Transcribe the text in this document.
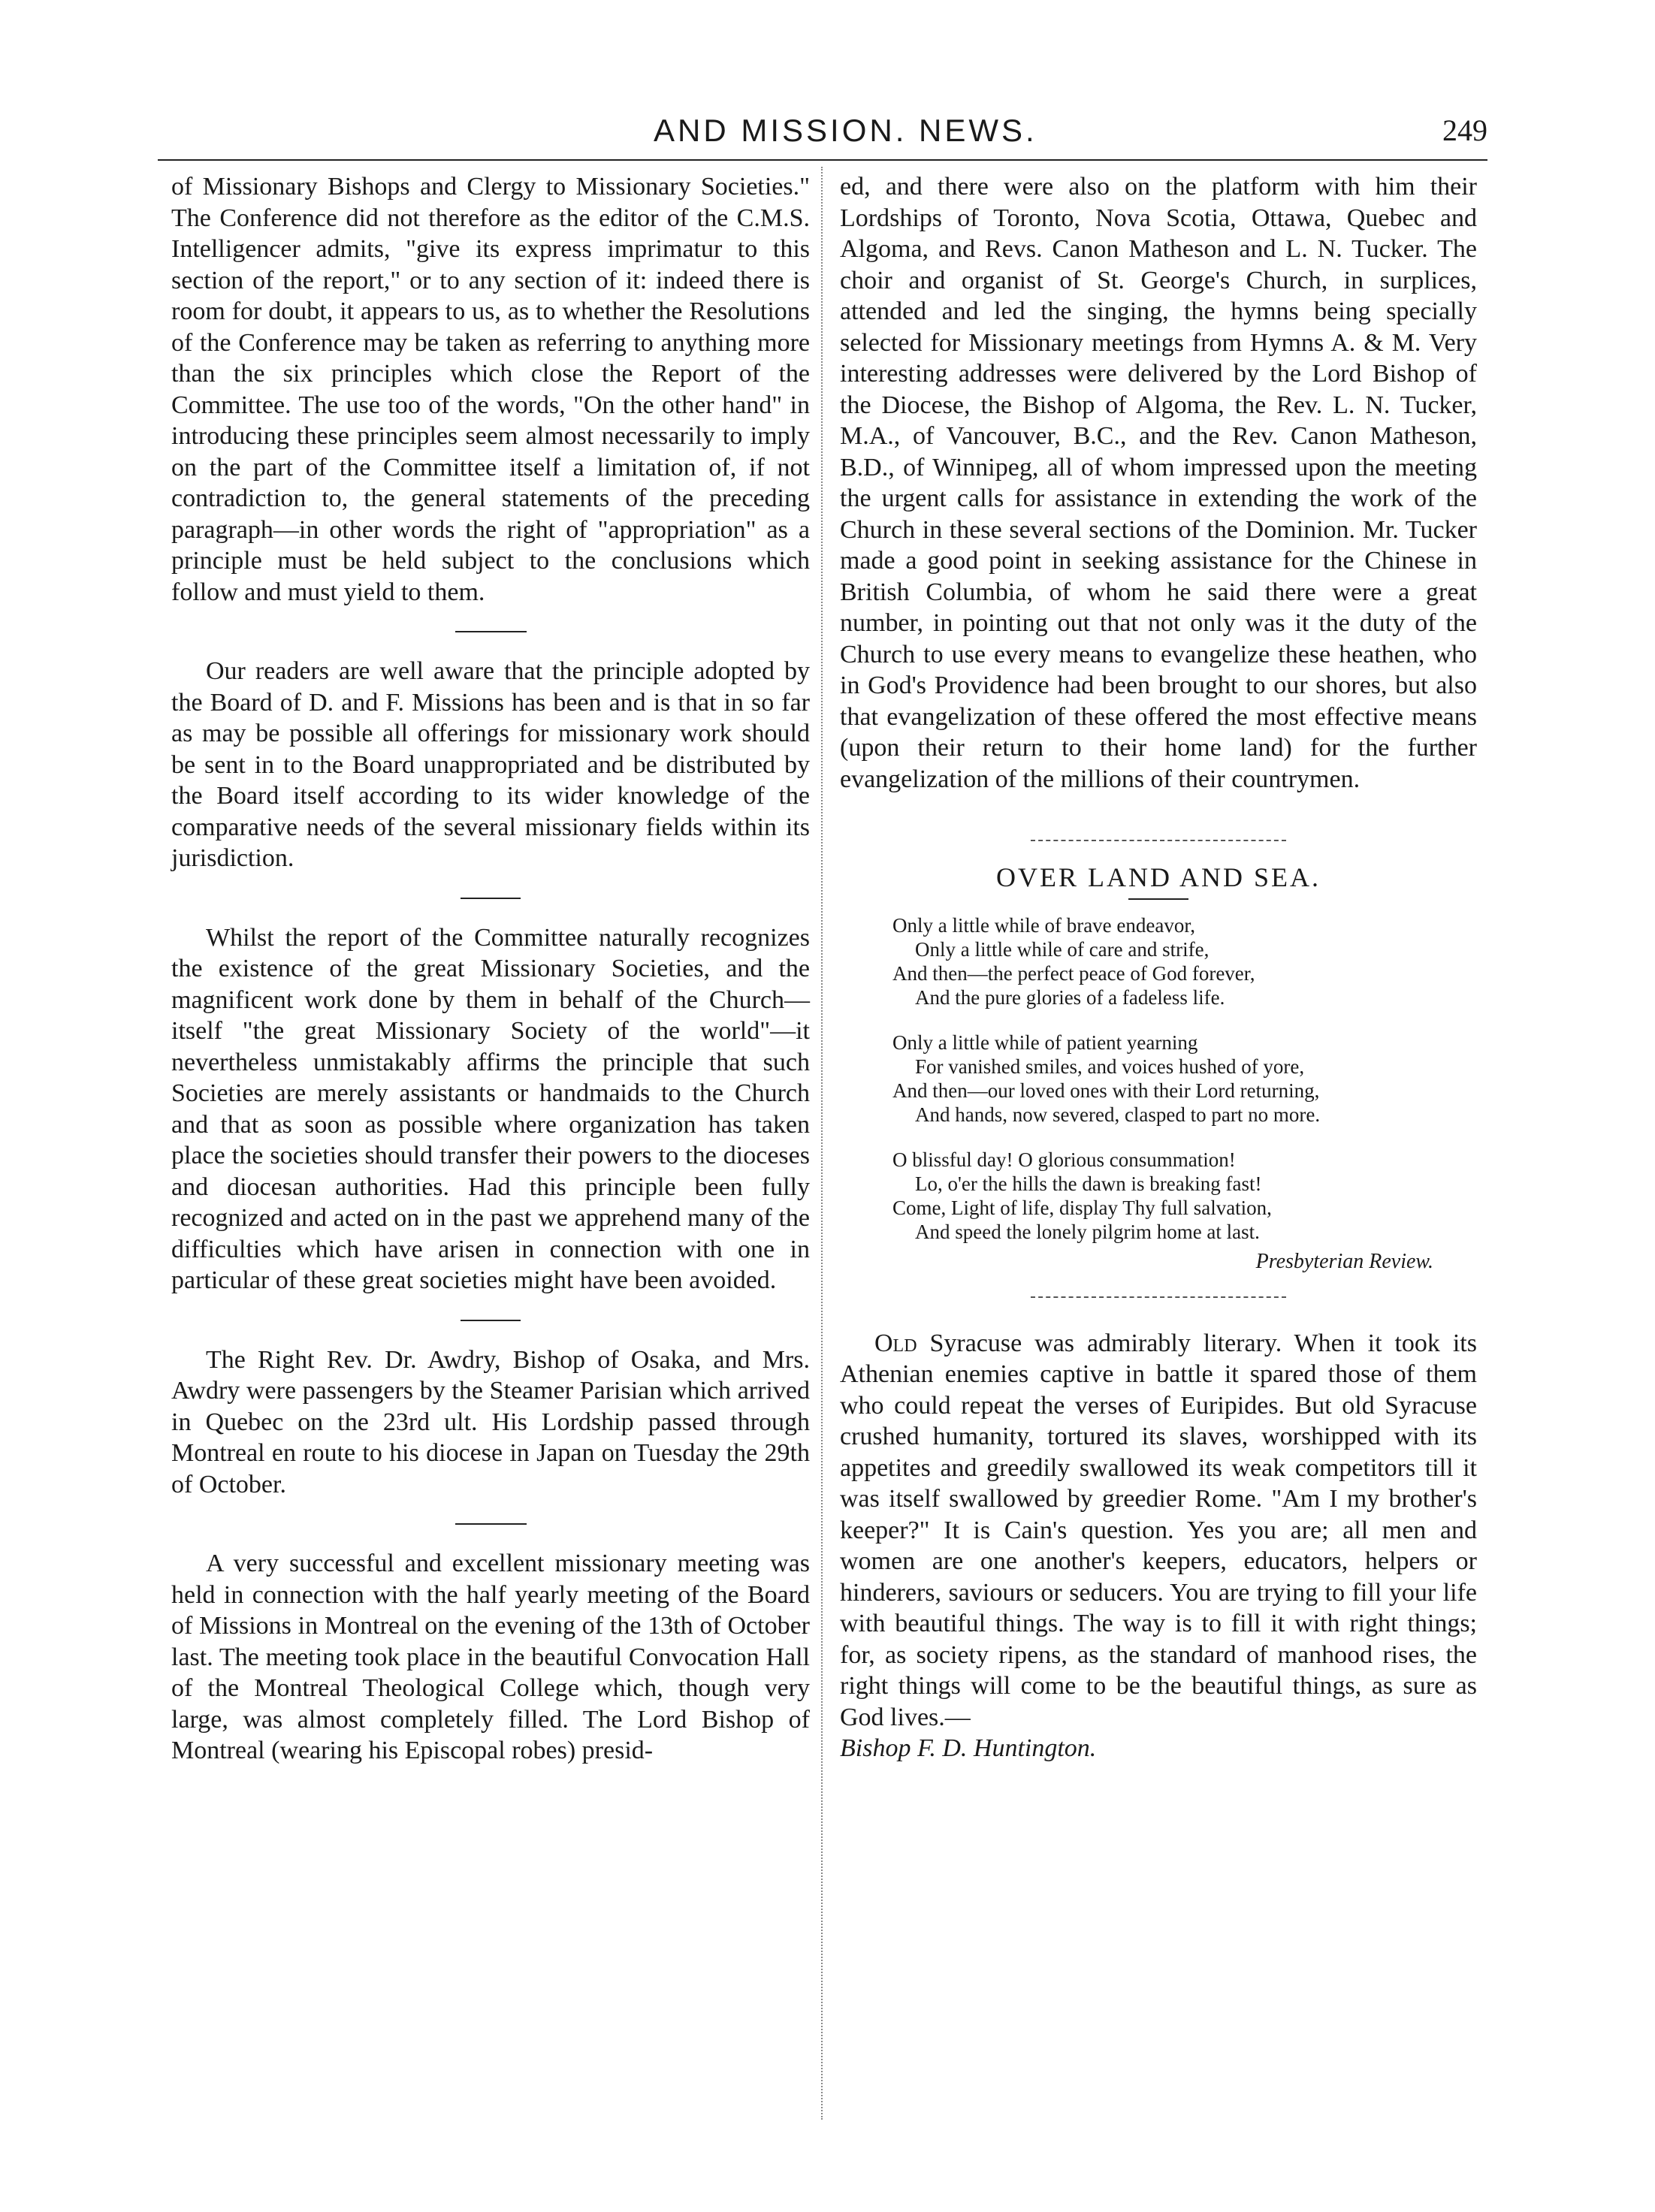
AND MISSION. NEWS.	249

of Missionary Bishops and Clergy to Missionary Societies." The Conference did not therefore as the editor of the C.M.S. Intelligencer admits, "give its express imprimatur to this section of the report," or to any section of it: indeed there is room for doubt, it appears to us, as to whether the Resolutions of the Conference may be taken as referring to anything more than the six principles which close the Report of the Committee. The use too of the words, "On the other hand" in introducing these principles seem almost necessarily to imply on the part of the Committee itself a limitation of, if not contradiction to, the general statements of the preceding paragraph—in other words the right of "appropriation" as a principle must be held subject to the conclusions which follow and must yield to them.

Our readers are well aware that the principle adopted by the Board of D. and F. Missions has been and is that in so far as may be possible all offerings for missionary work should be sent in to the Board unappropriated and be distributed by the Board itself according to its wider knowledge of the comparative needs of the several missionary fields within its jurisdiction.

Whilst the report of the Committee naturally recognizes the existence of the great Missionary Societies, and the magnificent work done by them in behalf of the Church—itself "the great Missionary Society of the world"—it nevertheless unmistakably affirms the principle that such Societies are merely assistants or handmaids to the Church and that as soon as possible where organization has taken place the societies should transfer their powers to the dioceses and diocesan authorities. Had this principle been fully recognized and acted on in the past we apprehend many of the difficulties which have arisen in connection with one in particular of these great societies might have been avoided.

The Right Rev. Dr. Awdry, Bishop of Osaka, and Mrs. Awdry were passengers by the Steamer Parisian which arrived in Quebec on the 23rd ult. His Lordship passed through Montreal en route to his diocese in Japan on Tuesday the 29th of October.

A very successful and excellent missionary meeting was held in connection with the half yearly meeting of the Board of Missions in Montreal on the evening of the 13th of October last. The meeting took place in the beautiful Convocation Hall of the Montreal Theological College which, though very large, was almost completely filled. The Lord Bishop of Montreal (wearing his Episcopal robes) presid-

ed, and there were also on the platform with him their Lordships of Toronto, Nova Scotia, Ottawa, Quebec and Algoma, and Revs. Canon Matheson and L. N. Tucker. The choir and organist of St. George's Church, in surplices, attended and led the singing, the hymns being specially selected for Missionary meetings from Hymns A. & M. Very interesting addresses were delivered by the Lord Bishop of the Diocese, the Bishop of Algoma, the Rev. L. N. Tucker, M.A., of Vancouver, B.C., and the Rev. Canon Matheson, B.D., of Winnipeg, all of whom impressed upon the meeting the urgent calls for assistance in extending the work of the Church in these several sections of the Dominion. Mr. Tucker made a good point in seeking assistance for the Chinese in British Columbia, of whom he said there were a great number, in pointing out that not only was it the duty of the Church to use every means to evangelize these heathen, who in God's Providence had been brought to our shores, but also that evangelization of these offered the most effective means (upon their return to their home land) for the further evangelization of the millions of their countrymen.

OVER LAND AND SEA.
Only a little while of brave endeavor,
Only a little while of care and strife,
And then—the perfect peace of God forever,
And the pure glories of a fadeless life.
Only a little while of patient yearning
For vanished smiles, and voices hushed of yore,
And then—our loved ones with their Lord returning,
And hands, now severed, clasped to part no more.
O blissful day! O glorious consummation!
Lo, o'er the hills the dawn is breaking fast!
Come, Light of life, display Thy full salvation,
And speed the lonely pilgrim home at last.
Presbyterian Review.

Old Syracuse was admirably literary. When it took its Athenian enemies captive in battle it spared those of them who could repeat the verses of Euripides. But old Syracuse crushed humanity, tortured its slaves, worshipped with its appetites and greedily swallowed its weak competitors till it was itself swallowed by greedier Rome. "Am I my brother's keeper?" It is Cain's question. Yes you are; all men and women are one another's keepers, educators, helpers or hinderers, saviours or seducers. You are trying to fill your life with beautiful things. The way is to fill it with right things; for, as society ripens, as the standard of manhood rises, the right things will come to be the beautiful things, as sure as God lives.—
Bishop F. D. Huntington.
